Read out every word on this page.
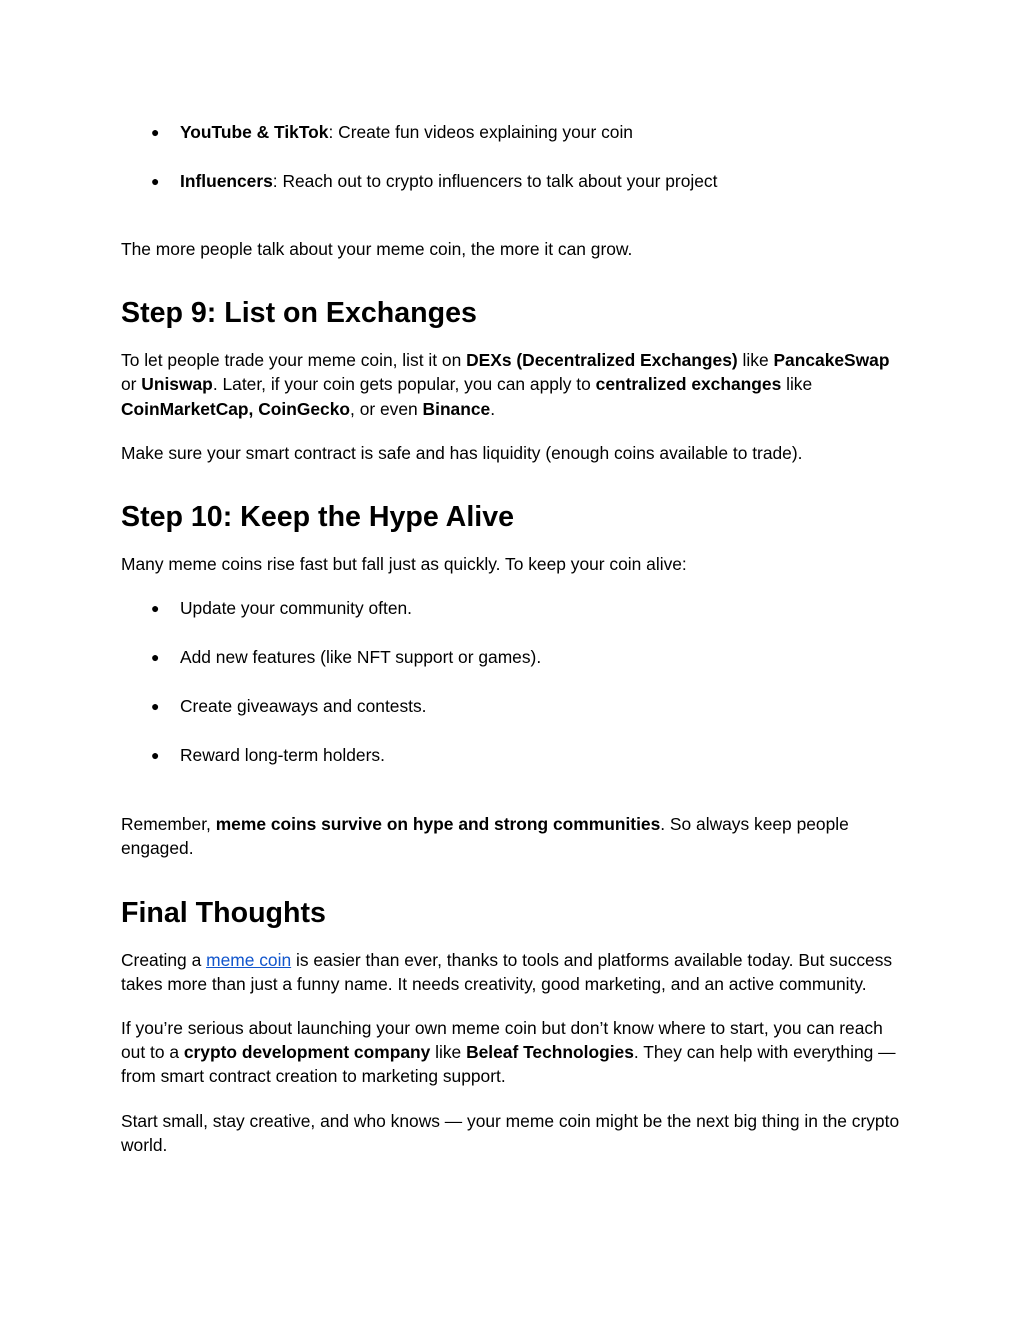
● YouTube & TikTok: Create fun videos explaining your coin
● Influencers: Reach out to crypto influencers to talk about your project

The more people talk about your meme coin, the more it can grow.

Step 9: List on Exchanges

To let people trade your meme coin, list it on DEXs (Decentralized Exchanges) like PancakeSwap or Uniswap. Later, if your coin gets popular, you can apply to centralized exchanges like CoinMarketCap, CoinGecko, or even Binance.

Make sure your smart contract is safe and has liquidity (enough coins available to trade).

Step 10: Keep the Hype Alive

Many meme coins rise fast but fall just as quickly. To keep your coin alive:

● Update your community often.
● Add new features (like NFT support or games).
● Create giveaways and contests.
● Reward long-term holders.

Remember, meme coins survive on hype and strong communities. So always keep people engaged.

Final Thoughts

Creating a meme coin is easier than ever, thanks to tools and platforms available today. But success takes more than just a funny name. It needs creativity, good marketing, and an active community.

If you’re serious about launching your own meme coin but don’t know where to start, you can reach out to a crypto development company like Beleaf Technologies. They can help with everything — from smart contract creation to marketing support.

Start small, stay creative, and who knows — your meme coin might be the next big thing in the crypto world.
